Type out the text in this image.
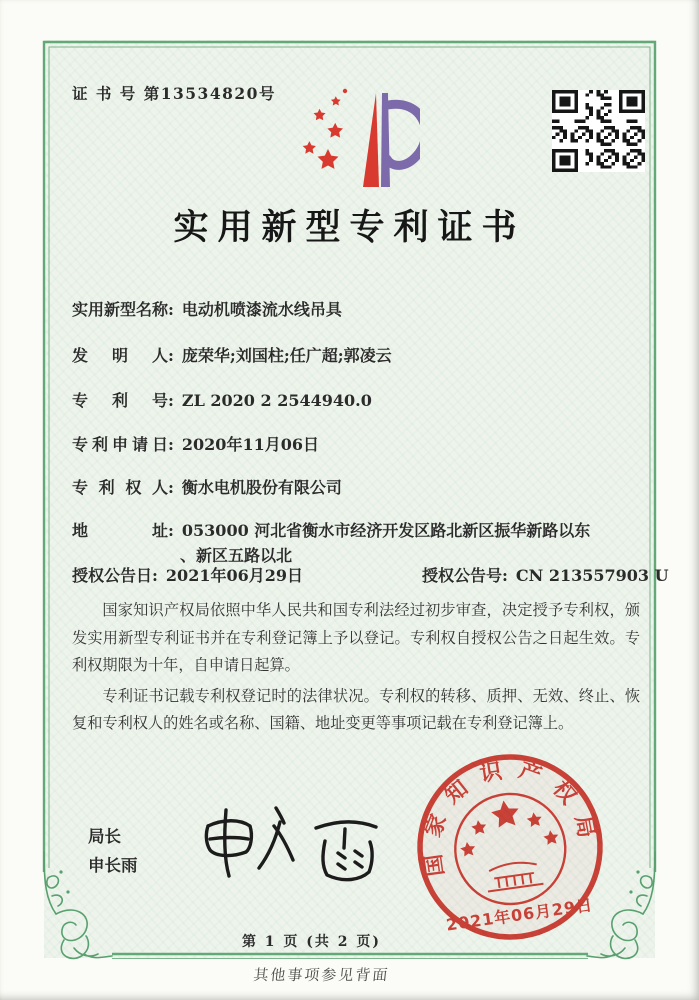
证 书 号 第13534820号
实用新型专利证书
实用新型名称: 电动机喷漆流水线吊具
发明人: 庞荣华;刘国柱;任广超;郭凌云
专利号: ZL 2020 2 2544940.0
专利申请日: 2020年11月06日
专利权人: 衡水电机股份有限公司
地址: 053000 河北省衡水市经济开发区路北新区振华新路以东
、新区五路以北
授权公告日: 2021年06月29日	授权公告号: CN 213557903 U

国家知识产权局依照中华人民共和国专利法经过初步审查，决定授予专利权，颁发实用新型专利证书并在专利登记簿上予以登记。专利权自授权公告之日起生效。专利权期限为十年，自申请日起算。

专利证书记载专利权登记时的法律状况。专利权的转移、质押、无效、终止、恢复和专利权人的姓名或名称、国籍、地址变更等事项记载在专利登记簿上。

局长
申长雨	国家知识产权局
2021年06月29日
第 1 页 (共 2 页)
其他事项参见背面
